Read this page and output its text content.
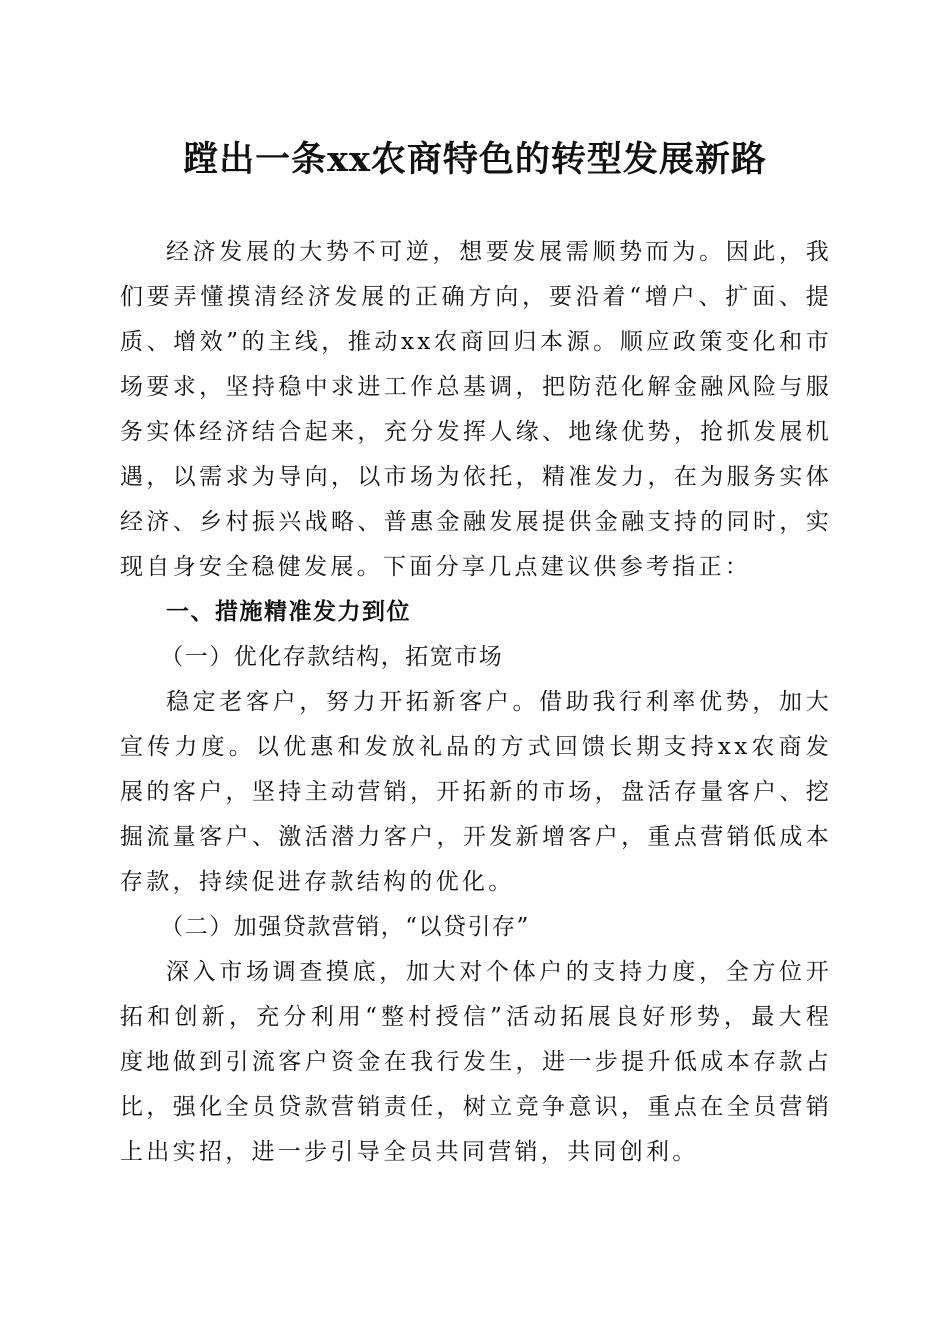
蹚出一条xx农商特色的转型发展新路

经济发展的大势不可逆，想要发展需顺势而为。因此，我们要弄懂摸清经济发展的正确方向，要沿着“增户、扩面、提质、增效”的主线，推动xx农商回归本源。顺应政策变化和市场要求，坚持稳中求进工作总基调，把防范化解金融风险与服务实体经济结合起来，充分发挥人缘、地缘优势，抢抓发展机遇，以需求为导向，以市场为依托，精准发力，在为服务实体经济、乡村振兴战略、普惠金融发展提供金融支持的同时，实现自身安全稳健发展。下面分享几点建议供参考指正：

一、措施精准发力到位
（一）优化存款结构，拓宽市场

稳定老客户，努力开拓新客户。借助我行利率优势，加大宣传力度。以优惠和发放礼品的方式回馈长期支持xx农商发展的客户，坚持主动营销，开拓新的市场，盘活存量客户、挖掘流量客户、激活潜力客户，开发新增客户，重点营销低成本存款，持续促进存款结构的优化。

（二）加强贷款营销，“以贷引存”

深入市场调查摸底，加大对个体户的支持力度，全方位开拓和创新，充分利用“整村授信”活动拓展良好形势，最大程度地做到引流客户资金在我行发生，进一步提升低成本存款占比，强化全员贷款营销责任，树立竞争意识，重点在全员营销上出实招，进一步引导全员共同营销，共同创利。
